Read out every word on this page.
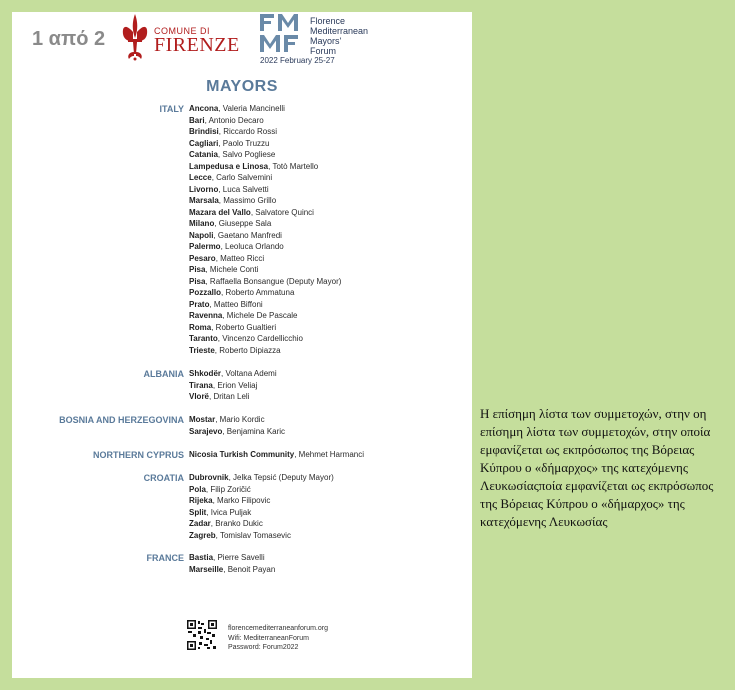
1 από 2	COMUNE DI
FIRENZE
Florence
Mediterranean
Mayors'
Forum
2022 February 25-27
MAYORS
ITALY Ancona, Valeria Mancinelli
Bari, Antonio Decaro
Brindisi, Riccardo Rossi
Cagliari, Paolo Truzzu
Catania, Salvo Pogliese
Lampedusa e Linosa, Totò Martello
Lecce, Carlo Salvemini
Livorno, Luca Salvetti
Marsala, Massimo Grillo
Mazara del Vallo, Salvatore Quinci
Milano, Giuseppe Sala
Napoli, Gaetano Manfredi
Palermo, Leoluca Orlando
Pesaro, Matteo Ricci
Pisa, Michele Conti
Pisa, Raffaella Bonsangue (Deputy Mayor)
Pozzallo, Roberto Ammatuna
Prato, Matteo Biffoni
Ravenna, Michele De Pascale
Roma, Roberto Gualtieri
Taranto, Vincenzo Cardellicchio
Trieste, Roberto Dipiazza
ALBANIA Shkodër, Voltana Ademi
Tirana, Erion Veliaj
Vlorë, Dritan Leli
BOSNIA AND HERZEGOVINA Mostar, Mario Kordic
Sarajevo, Benjamina Karic
NORTHERN CYPRUS Nicosia Turkish Community, Mehmet Harmanci
CROATIA Dubrovnik, Jelka Tepsić (Deputy Mayor)
Pola, Filip Zoričić
Rijeka, Marko Filipovic
Split, Ivica Puljak
Zadar, Branko Dukic
Zagreb, Tomislav Tomasevic
FRANCE Bastia, Pierre Savelli
Marseille, Benoit Payan
florencemediterraneanforum.org
Wifi: MediterraneanForum
Password: Forum2022
Η επίσημη λίστα των συμμετοχών, στην οη επίσημη λίστα των συμμετοχών, στην οποία εμφανίζεται ως εκπρόσωπος της Βόρειας Κύπρου ο «δήμαρχος» της κατεχόμενης Λευκωσίαςποία εμφανίζεται ως εκπρόσωπος της Βόρειας Κύπρου ο «δήμαρχος» της κατεχόμενης Λευκωσίας
